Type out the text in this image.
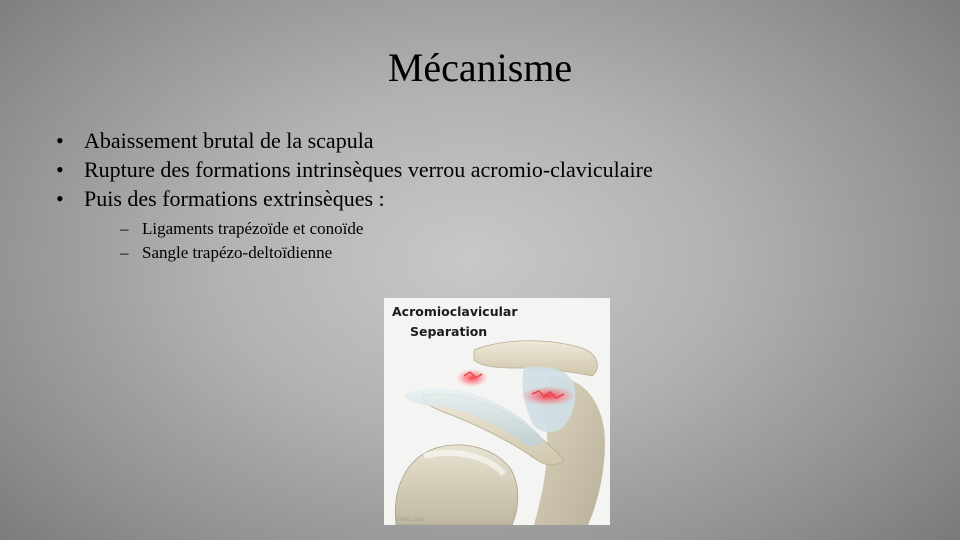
Mécanisme
• Abaissement brutal de la scapula
• Rupture des formations intrinsèques verrou acromio-claviculaire
• Puis des formations extrinsèques :
– Ligaments trapézoïde et conoïde
– Sangle trapézo-deltoïdienne
Acromioclavicular
Separation
©MMG 2001
